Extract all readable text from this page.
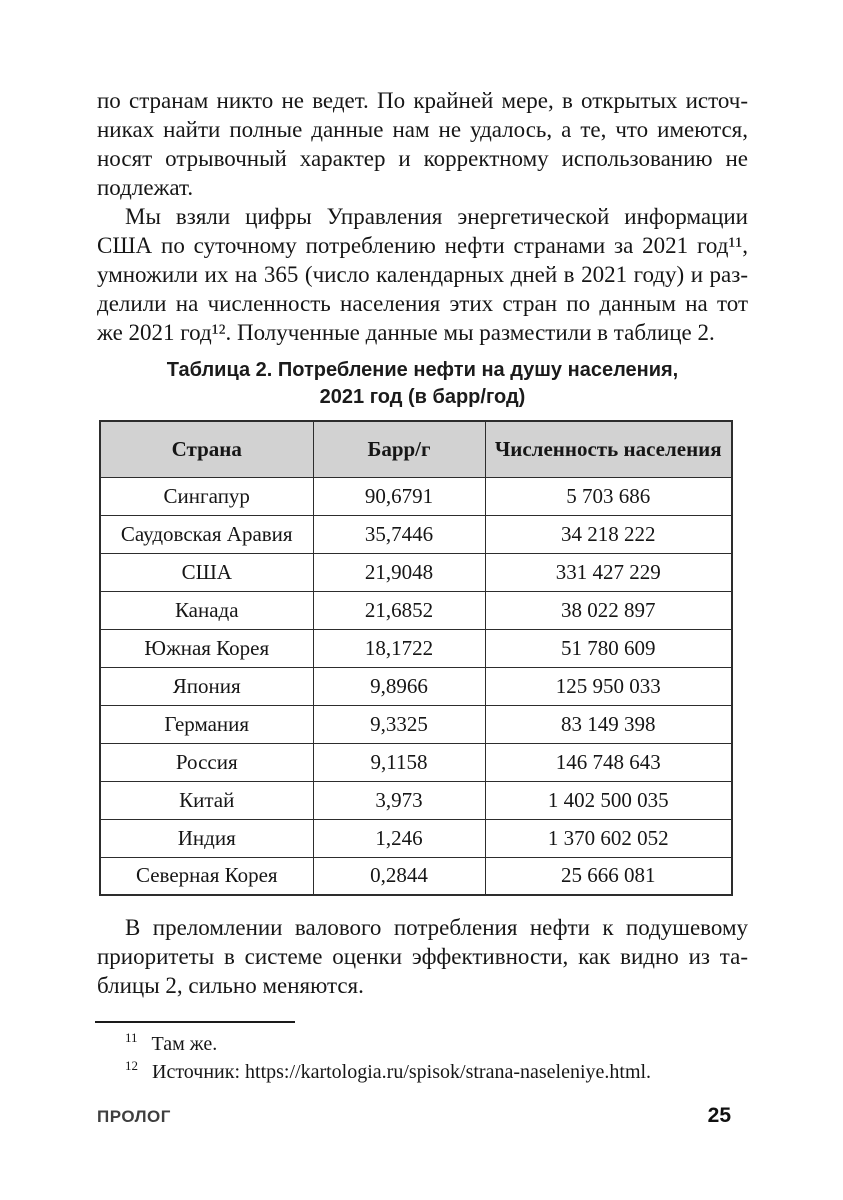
по странам никто не ведет. По крайней мере, в открытых источ-
никах найти полные данные нам не удалось, а те, что имеются,
носят отрывочный характер и корректному использованию не
подлежат.

Мы взяли цифры Управления энергетической информации
США по суточному потреблению нефти странами за 2021 год¹¹,
умножили их на 365 (число календарных дней в 2021 году) и раз-
делили на численность населения этих стран по данным на тот
же 2021 год¹². Полученные данные мы разместили в таблице 2.

Таблица 2. Потребление нефти на душу населения,
2021 год (в барр/год)
Страна	Барр/г	Численность населения
Сингапур	90,6791	5 703 686
Саудовская Аравия	35,7446	34 218 222
США	21,9048	331 427 229
Канада	21,6852	38 022 897
Южная Корея	18,1722	51 780 609
Япония	9,8966	125 950 033
Германия	9,3325	83 149 398
Россия	9,1158	146 748 643
Китай	3,973	1 402 500 035
Индия	1,246	1 370 602 052
Северная Корея	0,2844	25 666 081

В преломлении валового потребления нефти к подушевому
приоритеты в системе оценки эффективности, как видно из та-
блицы 2, сильно меняются.

$^{11}$ Там же.
$^{12}$ Источник: https://kartologia.ru/spisok/strana-naseleniye.html.
ПРОЛОГ	25
